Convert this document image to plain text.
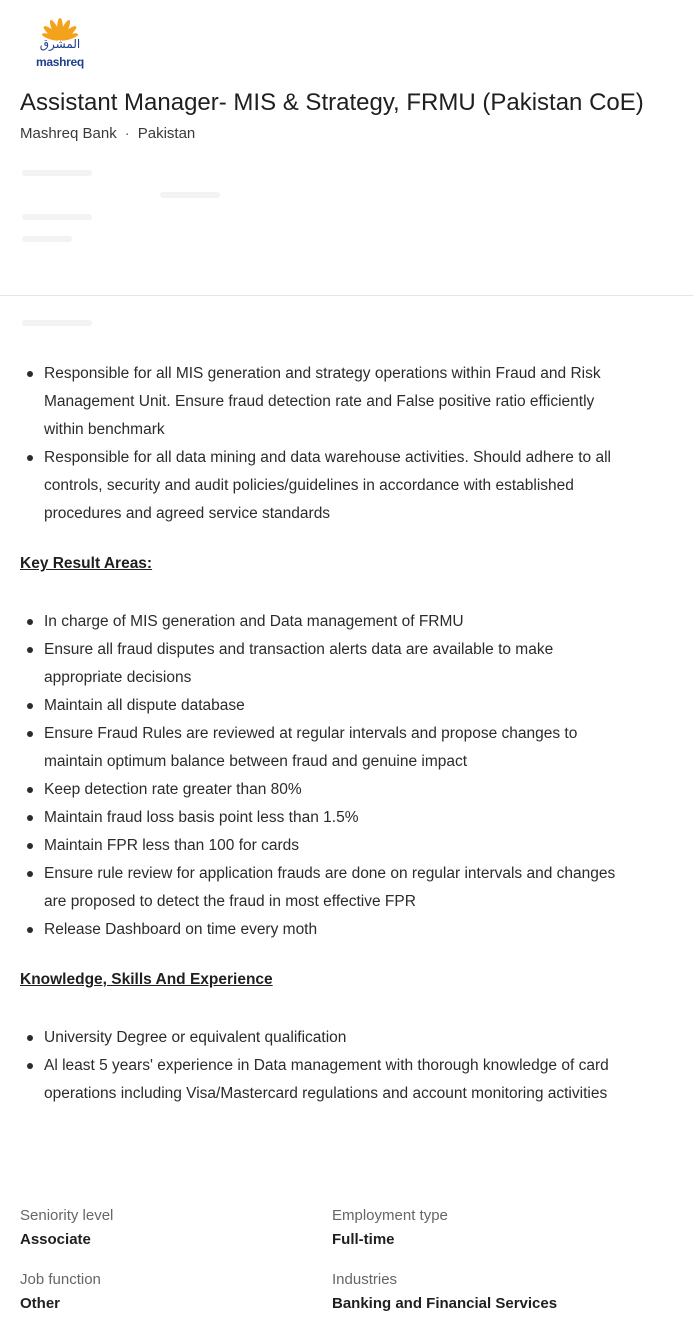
المشرق
mashreq
Assistant Manager- MIS & Strategy, FRMU (Pakistan CoE)
Mashreq Bank · Pakistan
Responsible for all MIS generation and strategy operations within Fraud and Risk Management Unit. Ensure fraud detection rate and False positive ratio efficiently within benchmark
Responsible for all data mining and data warehouse activities. Should adhere to all controls, security and audit policies/guidelines in accordance with established procedures and agreed service standards
Key Result Areas:
In charge of MIS generation and Data management of FRMU
Ensure all fraud disputes and transaction alerts data are available to make appropriate decisions
Maintain all dispute database
Ensure Fraud Rules are reviewed at regular intervals and propose changes to maintain optimum balance between fraud and genuine impact
Keep detection rate greater than 80%
Maintain fraud loss basis point less than 1.5%
Maintain FPR less than 100 for cards
Ensure rule review for application frauds are done on regular intervals and changes are proposed to detect the fraud in most effective FPR
Release Dashboard on time every moth
Knowledge, Skills And Experience
University Degree or equivalent qualification
Al least 5 years' experience in Data management with thorough knowledge of card operations including Visa/Mastercard regulations and account monitoring activities
Seniority level
Associate
Employment type
Full-time
Job function
Other
Industries
Banking and Financial Services
